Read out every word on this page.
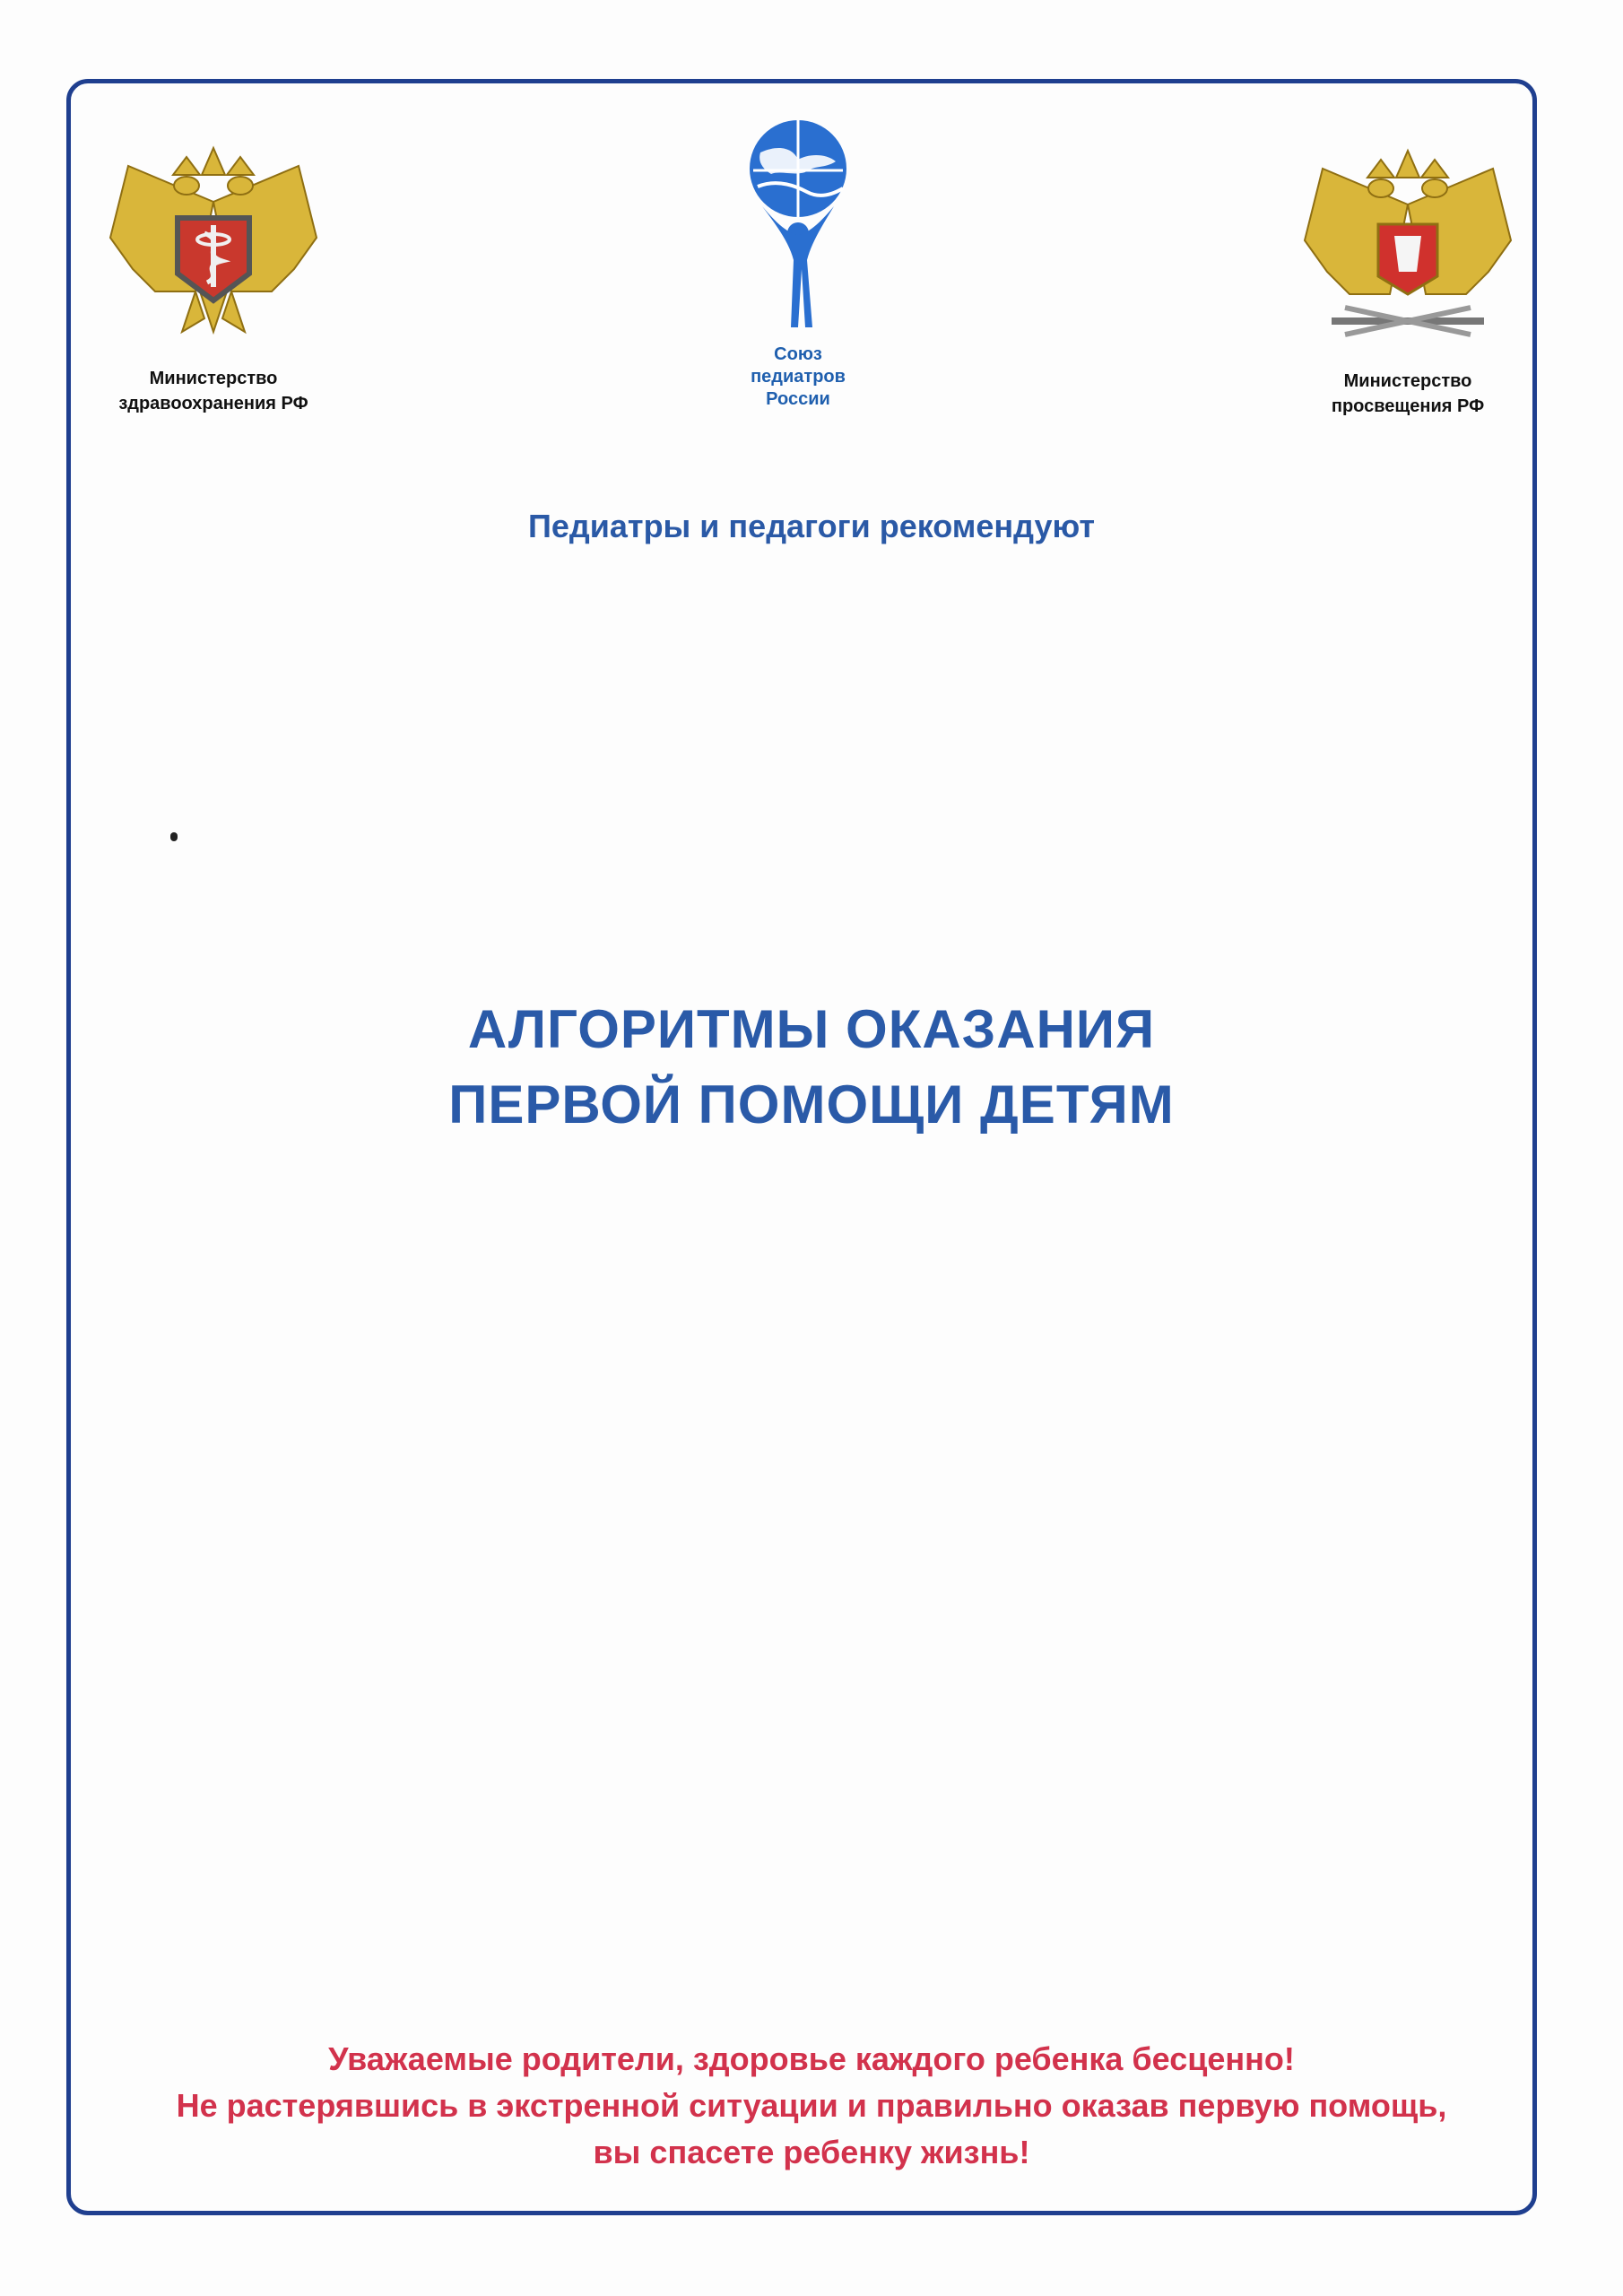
Министерство
здравоохранения РФ
Союз
педиатров
России
Министерство
просвещения РФ

Педиатры и педагоги рекомендуют
АЛГОРИТМЫ ОКАЗАНИЯ
ПЕРВОЙ ПОМОЩИ ДЕТЯМ
Уважаемые родители, здоровье каждого ребенка бесценно!
Не растерявшись в экстренной ситуации и правильно оказав первую помощь,
вы спасете ребенку жизнь!
